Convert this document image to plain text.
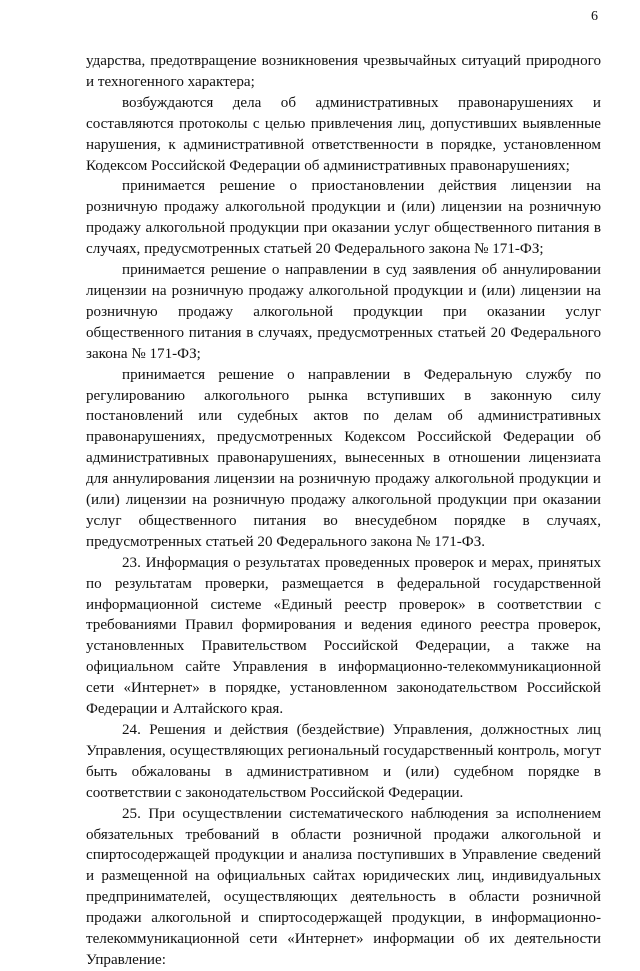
6

ударства, предотвращение возникновения чрезвычайных ситуаций природного и техногенного характера;

возбуждаются дела об административных правонарушениях и составляются протоколы с целью привлечения лиц, допустивших выявленные нарушения, к административной ответственности в порядке, установленном Кодексом Российской Федерации об административных правонарушениях;

принимается решение о приостановлении действия лицензии на розничную продажу алкогольной продукции и (или) лицензии на розничную продажу алкогольной продукции при оказании услуг общественного питания в случаях, предусмотренных статьей 20 Федерального закона № 171-ФЗ;

принимается решение о направлении в суд заявления об аннулировании лицензии на розничную продажу алкогольной продукции и (или) лицензии на розничную продажу алкогольной продукции при оказании услуг общественного питания в случаях, предусмотренных статьей 20 Федерального закона № 171-ФЗ;

принимается решение о направлении в Федеральную службу по регулированию алкогольного рынка вступивших в законную силу постановлений или судебных актов по делам об административных правонарушениях, предусмотренных Кодексом Российской Федерации об административных правонарушениях, вынесенных в отношении лицензиата для аннулирования лицензии на розничную продажу алкогольной продукции и (или) лицензии на розничную продажу алкогольной продукции при оказании услуг общественного питания во внесудебном порядке в случаях, предусмотренных статьей 20 Федерального закона № 171-ФЗ.

23. Информация о результатах проведенных проверок и мерах, принятых по результатам проверки, размещается в федеральной государственной информационной системе «Единый реестр проверок» в соответствии с требованиями Правил формирования и ведения единого реестра проверок, установленных Правительством Российской Федерации, а также на официальном сайте Управления в информационно-телекоммуникационной сети «Интернет» в порядке, установленном законодательством Российской Федерации и Алтайского края.

24. Решения и действия (бездействие) Управления, должностных лиц Управления, осуществляющих региональный государственный контроль, могут быть обжалованы в административном и (или) судебном порядке в соответствии с законодательством Российской Федерации.

25. При осуществлении систематического наблюдения за исполнением обязательных требований в области розничной продажи алкогольной и спиртосодержащей продукции и анализа поступивших в Управление сведений и размещенной на официальных сайтах юридических лиц, индивидуальных предпринимателей, осуществляющих деятельность в области розничной продажи алкогольной и спиртосодержащей продукции, в информационно-телекоммуникационной сети «Интернет» информации об их деятельности Управление:
